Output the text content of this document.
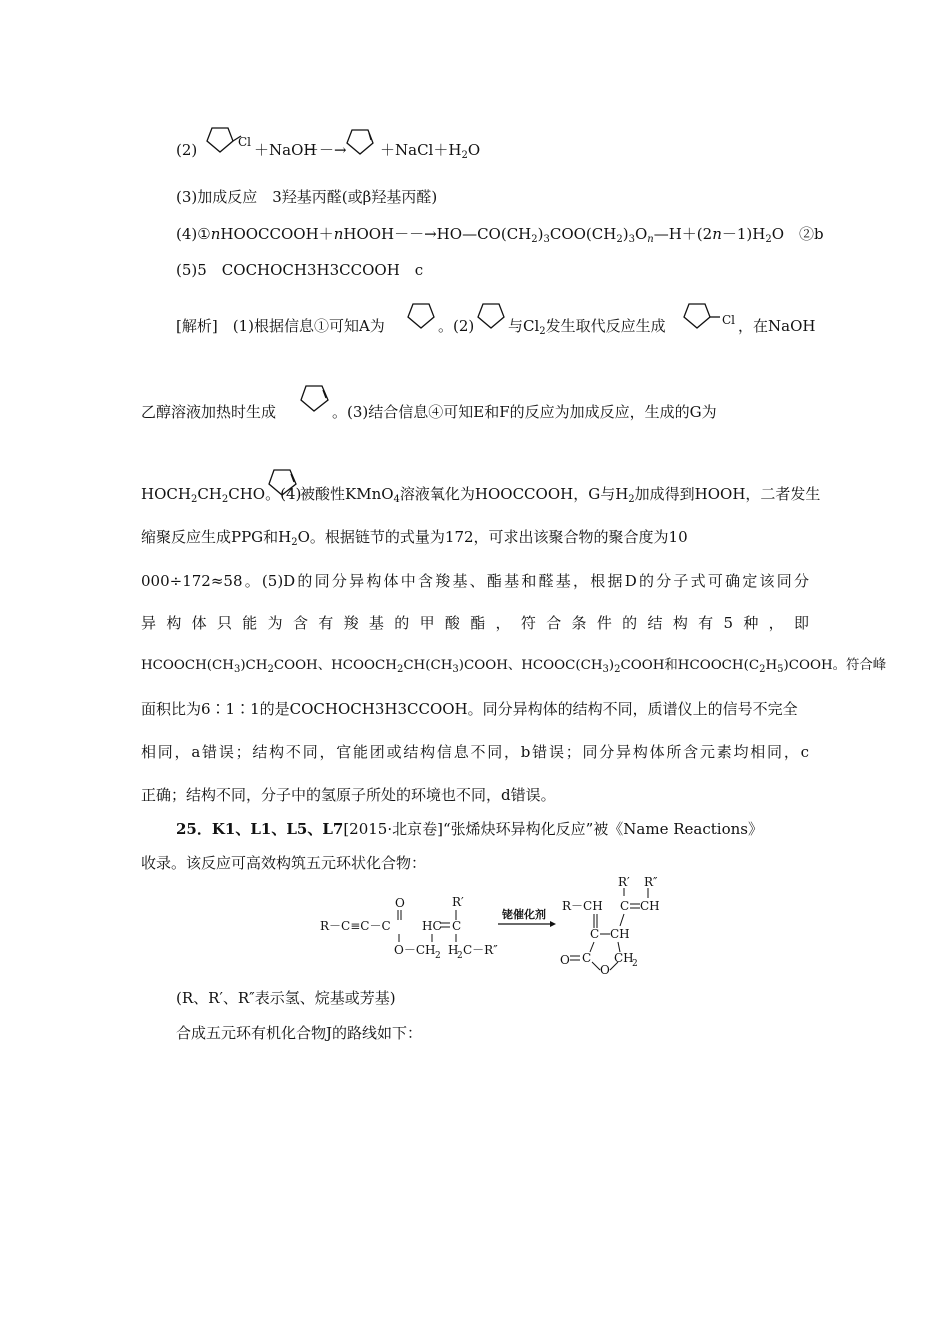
(2)	Cl ＋NaOH
－－→ $+NaCl+H_2O$
(3)加成反应　3羟基丙醛(或β羟基丙醛)
$(4)①nHOOCCOOH+nHOOH--\to HO—CO(CH_2)_3COO(CH_2)_3O_n—H+(2n-1)H_2O$　②b
(5)5　COCHOCH3H3CCOOH　c
[解析]　(1)根据信息①可知A为	。(2) 与$Cl_2$发生取代反应生成	Cl ，在NaOH
乙醇溶液加热时生成	。(3)结合信息④可知E和F的反应为加成反应，生成的G为
$HOCH_2CH_2CHO$。(4)
被酸性KMnO$_4$溶液氧化为HOOCCOOH，G与$H_2$加成得到HOOH，二者发生
缩聚反应生成PPG和$H_2O$。根据链节的式量为172，可求出该聚合物的聚合度为10
000÷172≈58。(5)D的同分异构体中含羧基、酯基和醛基，根据D的分子式可确定该同分
异构体只能为含有羧基的甲酸酯，符合条件的结构有5种，即
$HCOOCH(CH_3)CH_2COOH$、$HCOOCH_2CH(CH_3)COOH$、$HCOOC(CH_3)_2COOH$和$HCOOCH(C_2H_5)COOH$。符合峰
面积比为6∶1∶1的是COCHOCH3H3CCOOH。同分异构体的结构不同，质谱仪上的信号不完全
相同，a错误；结构不同，官能团或结构信息不同，b错误；同分异构体所含元素均相同，c
正确；结构不同，分子中的氢原子所处的环境也不同，d错误。
25．K1、L1、L5、L7[2015·北京卷]“张烯炔环异构化反应”被《Name Reactions》
收录。该反应可高效构筑五元环状化合物：
R－C≡C－C
O
O－CH 2
HC C
R′
H
2 C－R″
铑催化剂
R－CH
C CH
C CH
R′ R″
C
O
O
CH
2
(R、R′、R″表示氢、烷基或芳基)
合成五元环有机化合物J的路线如下：
